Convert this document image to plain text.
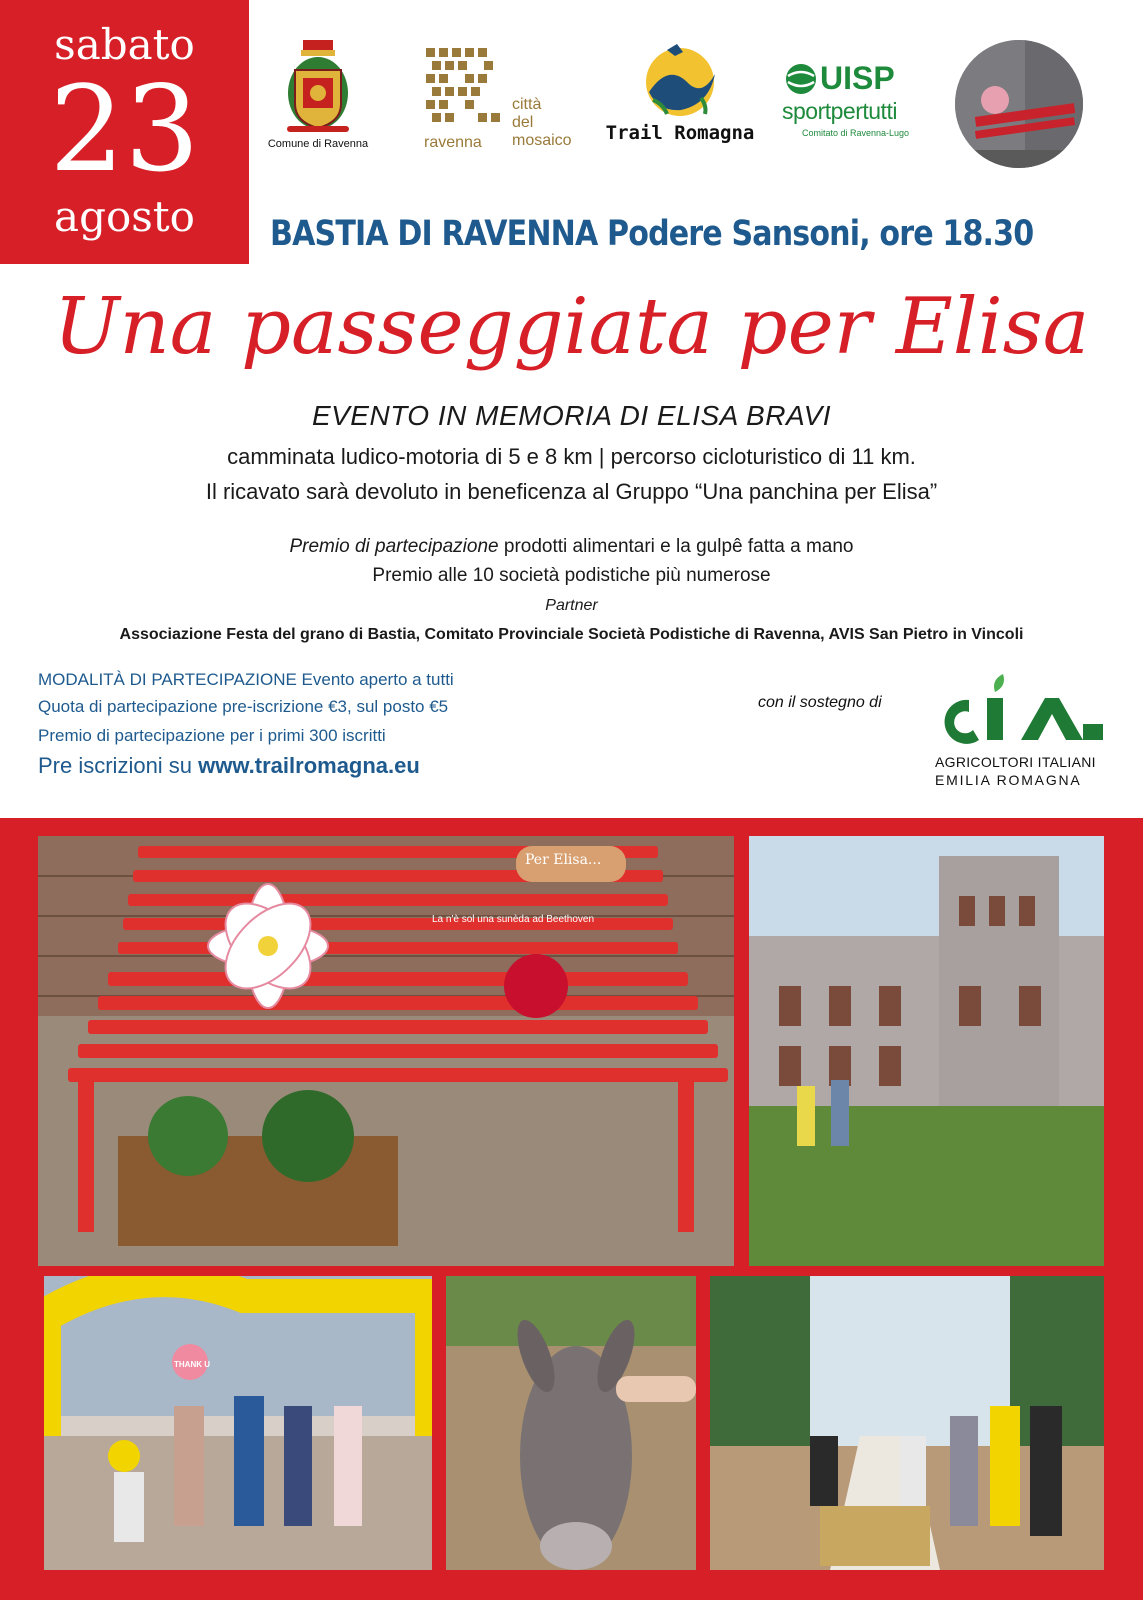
sabato
23
agosto
Comune di Ravenna	ravenna
città
del
mosaico Trail Romagna
UISP
sportpertutti
Comitato di Ravenna-Lugo
BASTIA DI RAVENNA Podere Sansoni, ore 18.30
Una passeggiata per Elisa
EVENTO IN MEMORIA DI ELISA BRAVI
camminata ludico-motoria di 5 e 8 km | percorso cicloturistico di 11 km.
Il ricavato sarà devoluto in beneficenza al Gruppo “Una panchina per Elisa”
Premio di partecipazione prodotti alimentari e la gulpê fatta a mano
Premio alle 10 società podistiche più numerose
Partner
Associazione Festa del grano di Bastia, Comitato Provinciale Società Podistiche di Ravenna, AVIS San Pietro in Vincoli
MODALITÀ DI PARTECIPAZIONE Evento aperto a tutti
Quota di partecipazione pre-iscrizione €3, sul posto €5
Premio di partecipazione per i primi 300 iscritti
Pre iscrizioni su www.trailromagna.eu
con il sostegno di
AGRICOLTORI ITALIANI
EMILIA ROMAGNA
Per Elisa...
La n'è sol una sunèda ad Beethoven
THANK U
